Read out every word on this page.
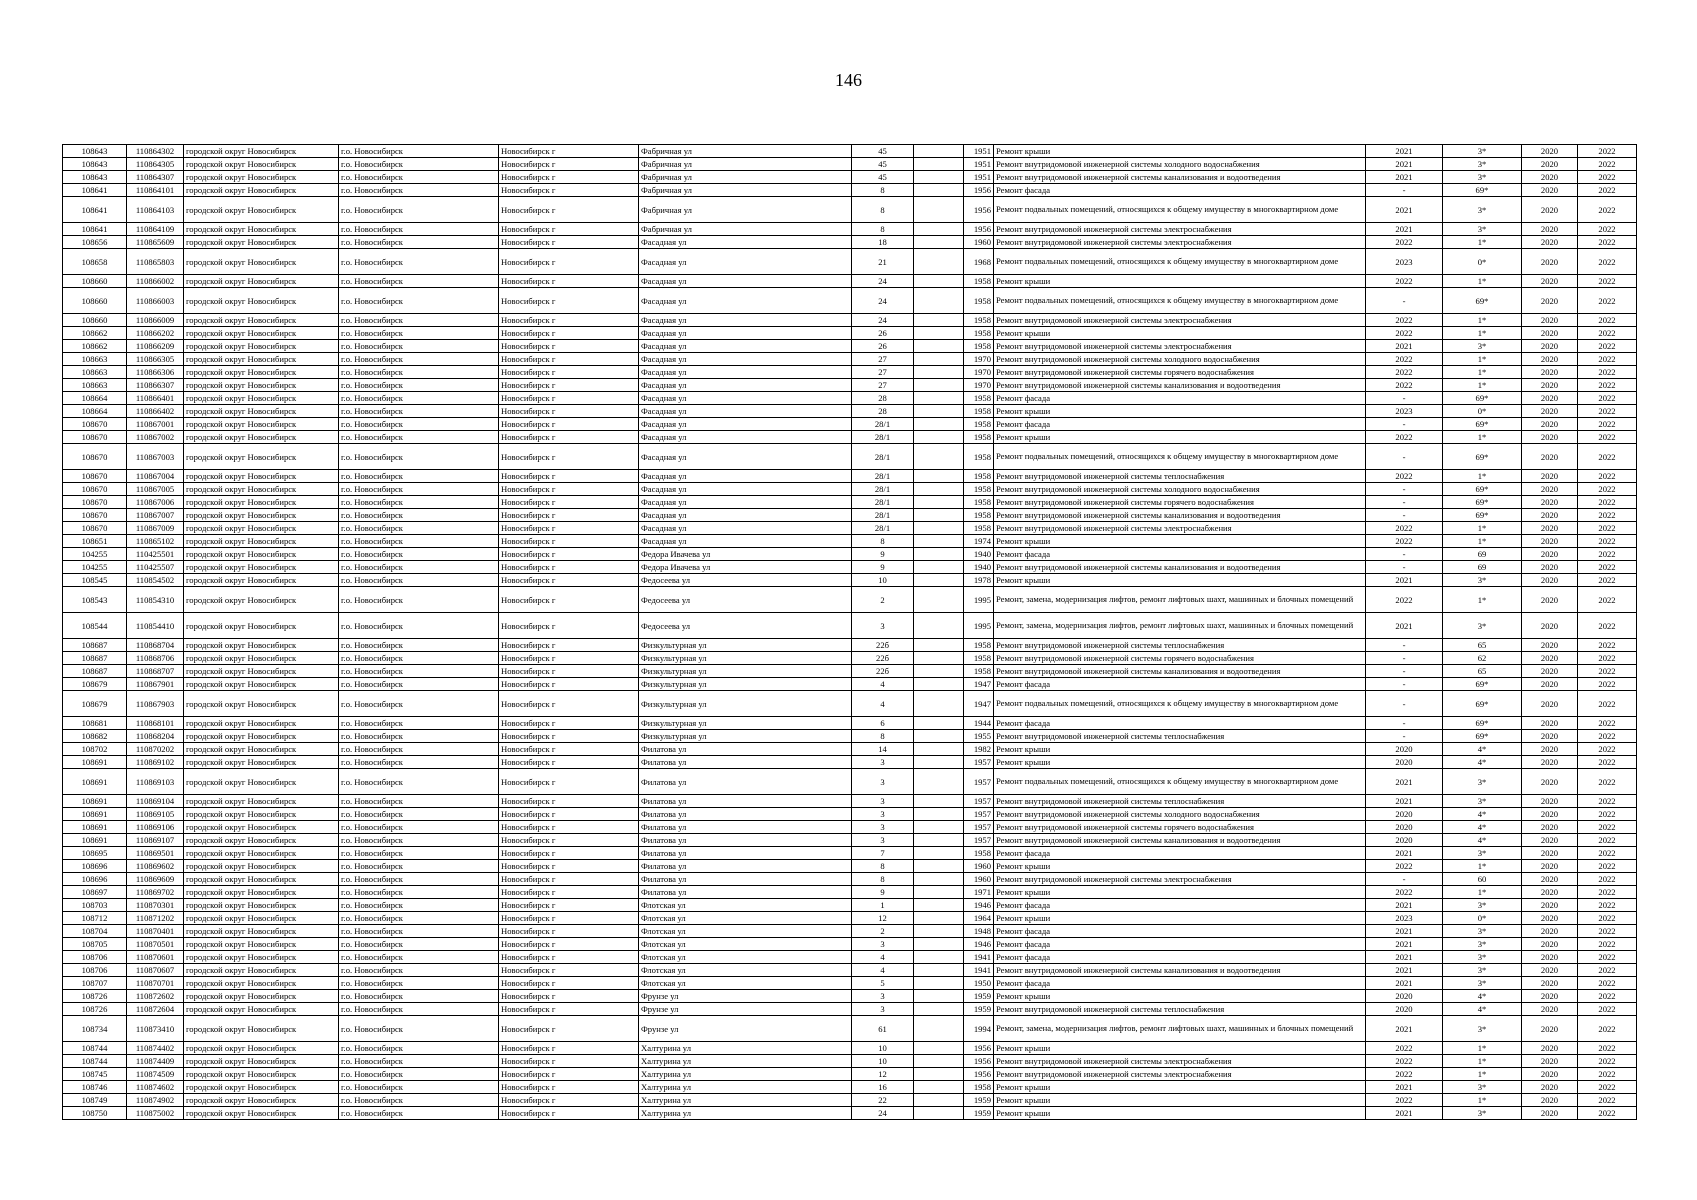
146
108643	110864302	городской округ Новосибирск	г.о. Новосибирск	Новосибирск г	Фабричная ул	45		1951	Ремонт крыши	2021	3*	2020	2022
108643	110864305	городской округ Новосибирск	г.о. Новосибирск	Новосибирск г	Фабричная ул	45		1951	Ремонт внутридомовой инженерной системы холодного водоснабжения	2021	3*	2020	2022
108643	110864307	городской округ Новосибирск	г.о. Новосибирск	Новосибирск г	Фабричная ул	45		1951	Ремонт внутридомовой инженерной системы канализования и водоотведения	2021	3*	2020	2022
108641	110864101	городской округ Новосибирск	г.о. Новосибирск	Новосибирск г	Фабричная ул	8		1956	Ремонт фасада	-	69*	2020	2022
108641	110864103	городской округ Новосибирск	г.о. Новосибирск	Новосибирск г	Фабричная ул	8		1956	Ремонт подвальных помещений, относящихся к общему имуществу в многоквартирном доме	2021	3*	2020	2022
108641	110864109	городской округ Новосибирск	г.о. Новосибирск	Новосибирск г	Фабричная ул	8		1956	Ремонт внутридомовой инженерной системы электроснабжения	2021	3*	2020	2022
108656	110865609	городской округ Новосибирск	г.о. Новосибирск	Новосибирск г	Фасадная ул	18		1960	Ремонт внутридомовой инженерной системы электроснабжения	2022	1*	2020	2022
108658	110865803	городской округ Новосибирск	г.о. Новосибирск	Новосибирск г	Фасадная ул	21		1968	Ремонт подвальных помещений, относящихся к общему имуществу в многоквартирном доме	2023	0*	2020	2022
108660	110866002	городской округ Новосибирск	г.о. Новосибирск	Новосибирск г	Фасадная ул	24		1958	Ремонт крыши	2022	1*	2020	2022
108660	110866003	городской округ Новосибирск	г.о. Новосибирск	Новосибирск г	Фасадная ул	24		1958	Ремонт подвальных помещений, относящихся к общему имуществу в многоквартирном доме	-	69*	2020	2022
108660	110866009	городской округ Новосибирск	г.о. Новосибирск	Новосибирск г	Фасадная ул	24		1958	Ремонт внутридомовой инженерной системы электроснабжения	2022	1*	2020	2022
108662	110866202	городской округ Новосибирск	г.о. Новосибирск	Новосибирск г	Фасадная ул	26		1958	Ремонт крыши	2022	1*	2020	2022
108662	110866209	городской округ Новосибирск	г.о. Новосибирск	Новосибирск г	Фасадная ул	26		1958	Ремонт внутридомовой инженерной системы электроснабжения	2021	3*	2020	2022
108663	110866305	городской округ Новосибирск	г.о. Новосибирск	Новосибирск г	Фасадная ул	27		1970	Ремонт внутридомовой инженерной системы холодного водоснабжения	2022	1*	2020	2022
108663	110866306	городской округ Новосибирск	г.о. Новосибирск	Новосибирск г	Фасадная ул	27		1970	Ремонт внутридомовой инженерной системы горячего водоснабжения	2022	1*	2020	2022
108663	110866307	городской округ Новосибирск	г.о. Новосибирск	Новосибирск г	Фасадная ул	27		1970	Ремонт внутридомовой инженерной системы канализования и водоотведения	2022	1*	2020	2022
108664	110866401	городской округ Новосибирск	г.о. Новосибирск	Новосибирск г	Фасадная ул	28		1958	Ремонт фасада	-	69*	2020	2022
108664	110866402	городской округ Новосибирск	г.о. Новосибирск	Новосибирск г	Фасадная ул	28		1958	Ремонт крыши	2023	0*	2020	2022
108670	110867001	городской округ Новосибирск	г.о. Новосибирск	Новосибирск г	Фасадная ул	28/1		1958	Ремонт фасада	-	69*	2020	2022
108670	110867002	городской округ Новосибирск	г.о. Новосибирск	Новосибирск г	Фасадная ул	28/1		1958	Ремонт крыши	2022	1*	2020	2022
108670	110867003	городской округ Новосибирск	г.о. Новосибирск	Новосибирск г	Фасадная ул	28/1		1958	Ремонт подвальных помещений, относящихся к общему имуществу в многоквартирном доме	-	69*	2020	2022
108670	110867004	городской округ Новосибирск	г.о. Новосибирск	Новосибирск г	Фасадная ул	28/1		1958	Ремонт внутридомовой инженерной системы теплоснабжения	2022	1*	2020	2022
108670	110867005	городской округ Новосибирск	г.о. Новосибирск	Новосибирск г	Фасадная ул	28/1		1958	Ремонт внутридомовой инженерной системы холодного водоснабжения	-	69*	2020	2022
108670	110867006	городской округ Новосибирск	г.о. Новосибирск	Новосибирск г	Фасадная ул	28/1		1958	Ремонт внутридомовой инженерной системы горячего водоснабжения	-	69*	2020	2022
108670	110867007	городской округ Новосибирск	г.о. Новосибирск	Новосибирск г	Фасадная ул	28/1		1958	Ремонт внутридомовой инженерной системы канализования и водоотведения	-	69*	2020	2022
108670	110867009	городской округ Новосибирск	г.о. Новосибирск	Новосибирск г	Фасадная ул	28/1		1958	Ремонт внутридомовой инженерной системы электроснабжения	2022	1*	2020	2022
108651	110865102	городской округ Новосибирск	г.о. Новосибирск	Новосибирск г	Фасадная ул	8		1974	Ремонт крыши	2022	1*	2020	2022
104255	110425501	городской округ Новосибирск	г.о. Новосибирск	Новосибирск г	Федора Ивачева ул	9		1940	Ремонт фасада	-	69	2020	2022
104255	110425507	городской округ Новосибирск	г.о. Новосибирск	Новосибирск г	Федора Ивачева ул	9		1940	Ремонт внутридомовой инженерной системы канализования и водоотведения	-	69	2020	2022
108545	110854502	городской округ Новосибирск	г.о. Новосибирск	Новосибирск г	Федосеева ул	10		1978	Ремонт крыши	2021	3*	2020	2022
108543	110854310	городской округ Новосибирск	г.о. Новосибирск	Новосибирск г	Федосеева ул	2		1995	Ремонт, замена, модернизация лифтов, ремонт лифтовых шахт, машинных и блочных помещений	2022	1*	2020	2022
108544	110854410	городской округ Новосибирск	г.о. Новосибирск	Новосибирск г	Федосеева ул	3		1995	Ремонт, замена, модернизация лифтов, ремонт лифтовых шахт, машинных и блочных помещений	2021	3*	2020	2022
108687	110868704	городской округ Новосибирск	г.о. Новосибирск	Новосибирск г	Физкультурная ул	22б		1958	Ремонт внутридомовой инженерной системы теплоснабжения	-	65	2020	2022
108687	110868706	городской округ Новосибирск	г.о. Новосибирск	Новосибирск г	Физкультурная ул	22б		1958	Ремонт внутридомовой инженерной системы горячего водоснабжения	-	62	2020	2022
108687	110868707	городской округ Новосибирск	г.о. Новосибирск	Новосибирск г	Физкультурная ул	22б		1958	Ремонт внутридомовой инженерной системы канализования и водоотведения	-	65	2020	2022
108679	110867901	городской округ Новосибирск	г.о. Новосибирск	Новосибирск г	Физкультурная ул	4		1947	Ремонт фасада	-	69*	2020	2022
108679	110867903	городской округ Новосибирск	г.о. Новосибирск	Новосибирск г	Физкультурная ул	4		1947	Ремонт подвальных помещений, относящихся к общему имуществу в многоквартирном доме	-	69*	2020	2022
108681	110868101	городской округ Новосибирск	г.о. Новосибирск	Новосибирск г	Физкультурная ул	6		1944	Ремонт фасада	-	69*	2020	2022
108682	110868204	городской округ Новосибирск	г.о. Новосибирск	Новосибирск г	Физкультурная ул	8		1955	Ремонт внутридомовой инженерной системы теплоснабжения	-	69*	2020	2022
108702	110870202	городской округ Новосибирск	г.о. Новосибирск	Новосибирск г	Филатова ул	14		1982	Ремонт крыши	2020	4*	2020	2022
108691	110869102	городской округ Новосибирск	г.о. Новосибирск	Новосибирск г	Филатова ул	3		1957	Ремонт крыши	2020	4*	2020	2022
108691	110869103	городской округ Новосибирск	г.о. Новосибирск	Новосибирск г	Филатова ул	3		1957	Ремонт подвальных помещений, относящихся к общему имуществу в многоквартирном доме	2021	3*	2020	2022
108691	110869104	городской округ Новосибирск	г.о. Новосибирск	Новосибирск г	Филатова ул	3		1957	Ремонт внутридомовой инженерной системы теплоснабжения	2021	3*	2020	2022
108691	110869105	городской округ Новосибирск	г.о. Новосибирск	Новосибирск г	Филатова ул	3		1957	Ремонт внутридомовой инженерной системы холодного водоснабжения	2020	4*	2020	2022
108691	110869106	городской округ Новосибирск	г.о. Новосибирск	Новосибирск г	Филатова ул	3		1957	Ремонт внутридомовой инженерной системы горячего водоснабжения	2020	4*	2020	2022
108691	110869107	городской округ Новосибирск	г.о. Новосибирск	Новосибирск г	Филатова ул	3		1957	Ремонт внутридомовой инженерной системы канализования и водоотведения	2020	4*	2020	2022
108695	110869501	городской округ Новосибирск	г.о. Новосибирск	Новосибирск г	Филатова ул	7		1958	Ремонт фасада	2021	3*	2020	2022
108696	110869602	городской округ Новосибирск	г.о. Новосибирск	Новосибирск г	Филатова ул	8		1960	Ремонт крыши	2022	1*	2020	2022
108696	110869609	городской округ Новосибирск	г.о. Новосибирск	Новосибирск г	Филатова ул	8		1960	Ремонт внутридомовой инженерной системы электроснабжения	-	60	2020	2022
108697	110869702	городской округ Новосибирск	г.о. Новосибирск	Новосибирск г	Филатова ул	9		1971	Ремонт крыши	2022	1*	2020	2022
108703	110870301	городской округ Новосибирск	г.о. Новосибирск	Новосибирск г	Флотская ул	1		1946	Ремонт фасада	2021	3*	2020	2022
108712	110871202	городской округ Новосибирск	г.о. Новосибирск	Новосибирск г	Флотская ул	12		1964	Ремонт крыши	2023	0*	2020	2022
108704	110870401	городской округ Новосибирск	г.о. Новосибирск	Новосибирск г	Флотская ул	2		1948	Ремонт фасада	2021	3*	2020	2022
108705	110870501	городской округ Новосибирск	г.о. Новосибирск	Новосибирск г	Флотская ул	3		1946	Ремонт фасада	2021	3*	2020	2022
108706	110870601	городской округ Новосибирск	г.о. Новосибирск	Новосибирск г	Флотская ул	4		1941	Ремонт фасада	2021	3*	2020	2022
108706	110870607	городской округ Новосибирск	г.о. Новосибирск	Новосибирск г	Флотская ул	4		1941	Ремонт внутридомовой инженерной системы канализования и водоотведения	2021	3*	2020	2022
108707	110870701	городской округ Новосибирск	г.о. Новосибирск	Новосибирск г	Флотская ул	5		1950	Ремонт фасада	2021	3*	2020	2022
108726	110872602	городской округ Новосибирск	г.о. Новосибирск	Новосибирск г	Фрунзе ул	3		1959	Ремонт крыши	2020	4*	2020	2022
108726	110872604	городской округ Новосибирск	г.о. Новосибирск	Новосибирск г	Фрунзе ул	3		1959	Ремонт внутридомовой инженерной системы теплоснабжения	2020	4*	2020	2022
108734	110873410	городской округ Новосибирск	г.о. Новосибирск	Новосибирск г	Фрунзе ул	61		1994	Ремонт, замена, модернизация лифтов, ремонт лифтовых шахт, машинных и блочных помещений	2021	3*	2020	2022
108744	110874402	городской округ Новосибирск	г.о. Новосибирск	Новосибирск г	Халтурина ул	10		1956	Ремонт крыши	2022	1*	2020	2022
108744	110874409	городской округ Новосибирск	г.о. Новосибирск	Новосибирск г	Халтурина ул	10		1956	Ремонт внутридомовой инженерной системы электроснабжения	2022	1*	2020	2022
108745	110874509	городской округ Новосибирск	г.о. Новосибирск	Новосибирск г	Халтурина ул	12		1956	Ремонт внутридомовой инженерной системы электроснабжения	2022	1*	2020	2022
108746	110874602	городской округ Новосибирск	г.о. Новосибирск	Новосибирск г	Халтурина ул	16		1958	Ремонт крыши	2021	3*	2020	2022
108749	110874902	городской округ Новосибирск	г.о. Новосибирск	Новосибирск г	Халтурина ул	22		1959	Ремонт крыши	2022	1*	2020	2022
108750	110875002	городской округ Новосибирск	г.о. Новосибирск	Новосибирск г	Халтурина ул	24		1959	Ремонт крыши	2021	3*	2020	2022
